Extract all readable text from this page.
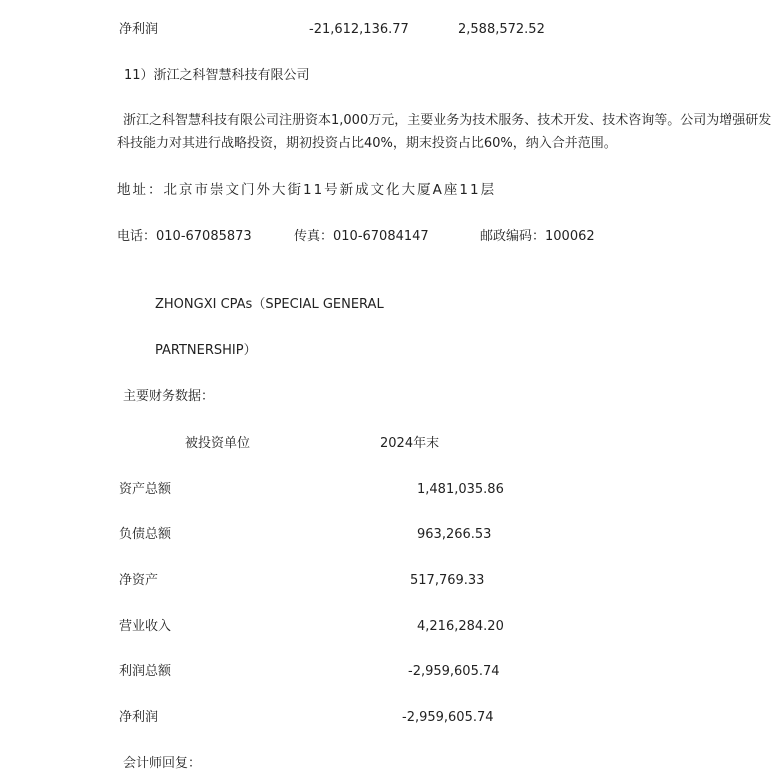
净利润	-21,612,136.77	2,588,572.52
11）浙江之科智慧科技有限公司
浙江之科智慧科技有限公司注册资本1,000万元，主要业务为技术服务、技术开发、技术咨询等。公司为增强研发科技能力对其进行战略投资，期初投资占比40%，期末投资占比60%，纳入合并范围。
地址：北京市崇文门外大街11号新成文化大厦A座11层
电话：010-67085873	传真：010-67084147	邮政编码：100062
ZHONGXI CPAs（SPECIAL GENERAL
PARTNERSHIP）
主要财务数据：
被投资单位	2024年末
资产总额	1,481,035.86
负债总额	963,266.53
净资产	517,769.33
营业收入	4,216,284.20
利润总额	-2,959,605.74
净利润	-2,959,605.74
会计师回复：
